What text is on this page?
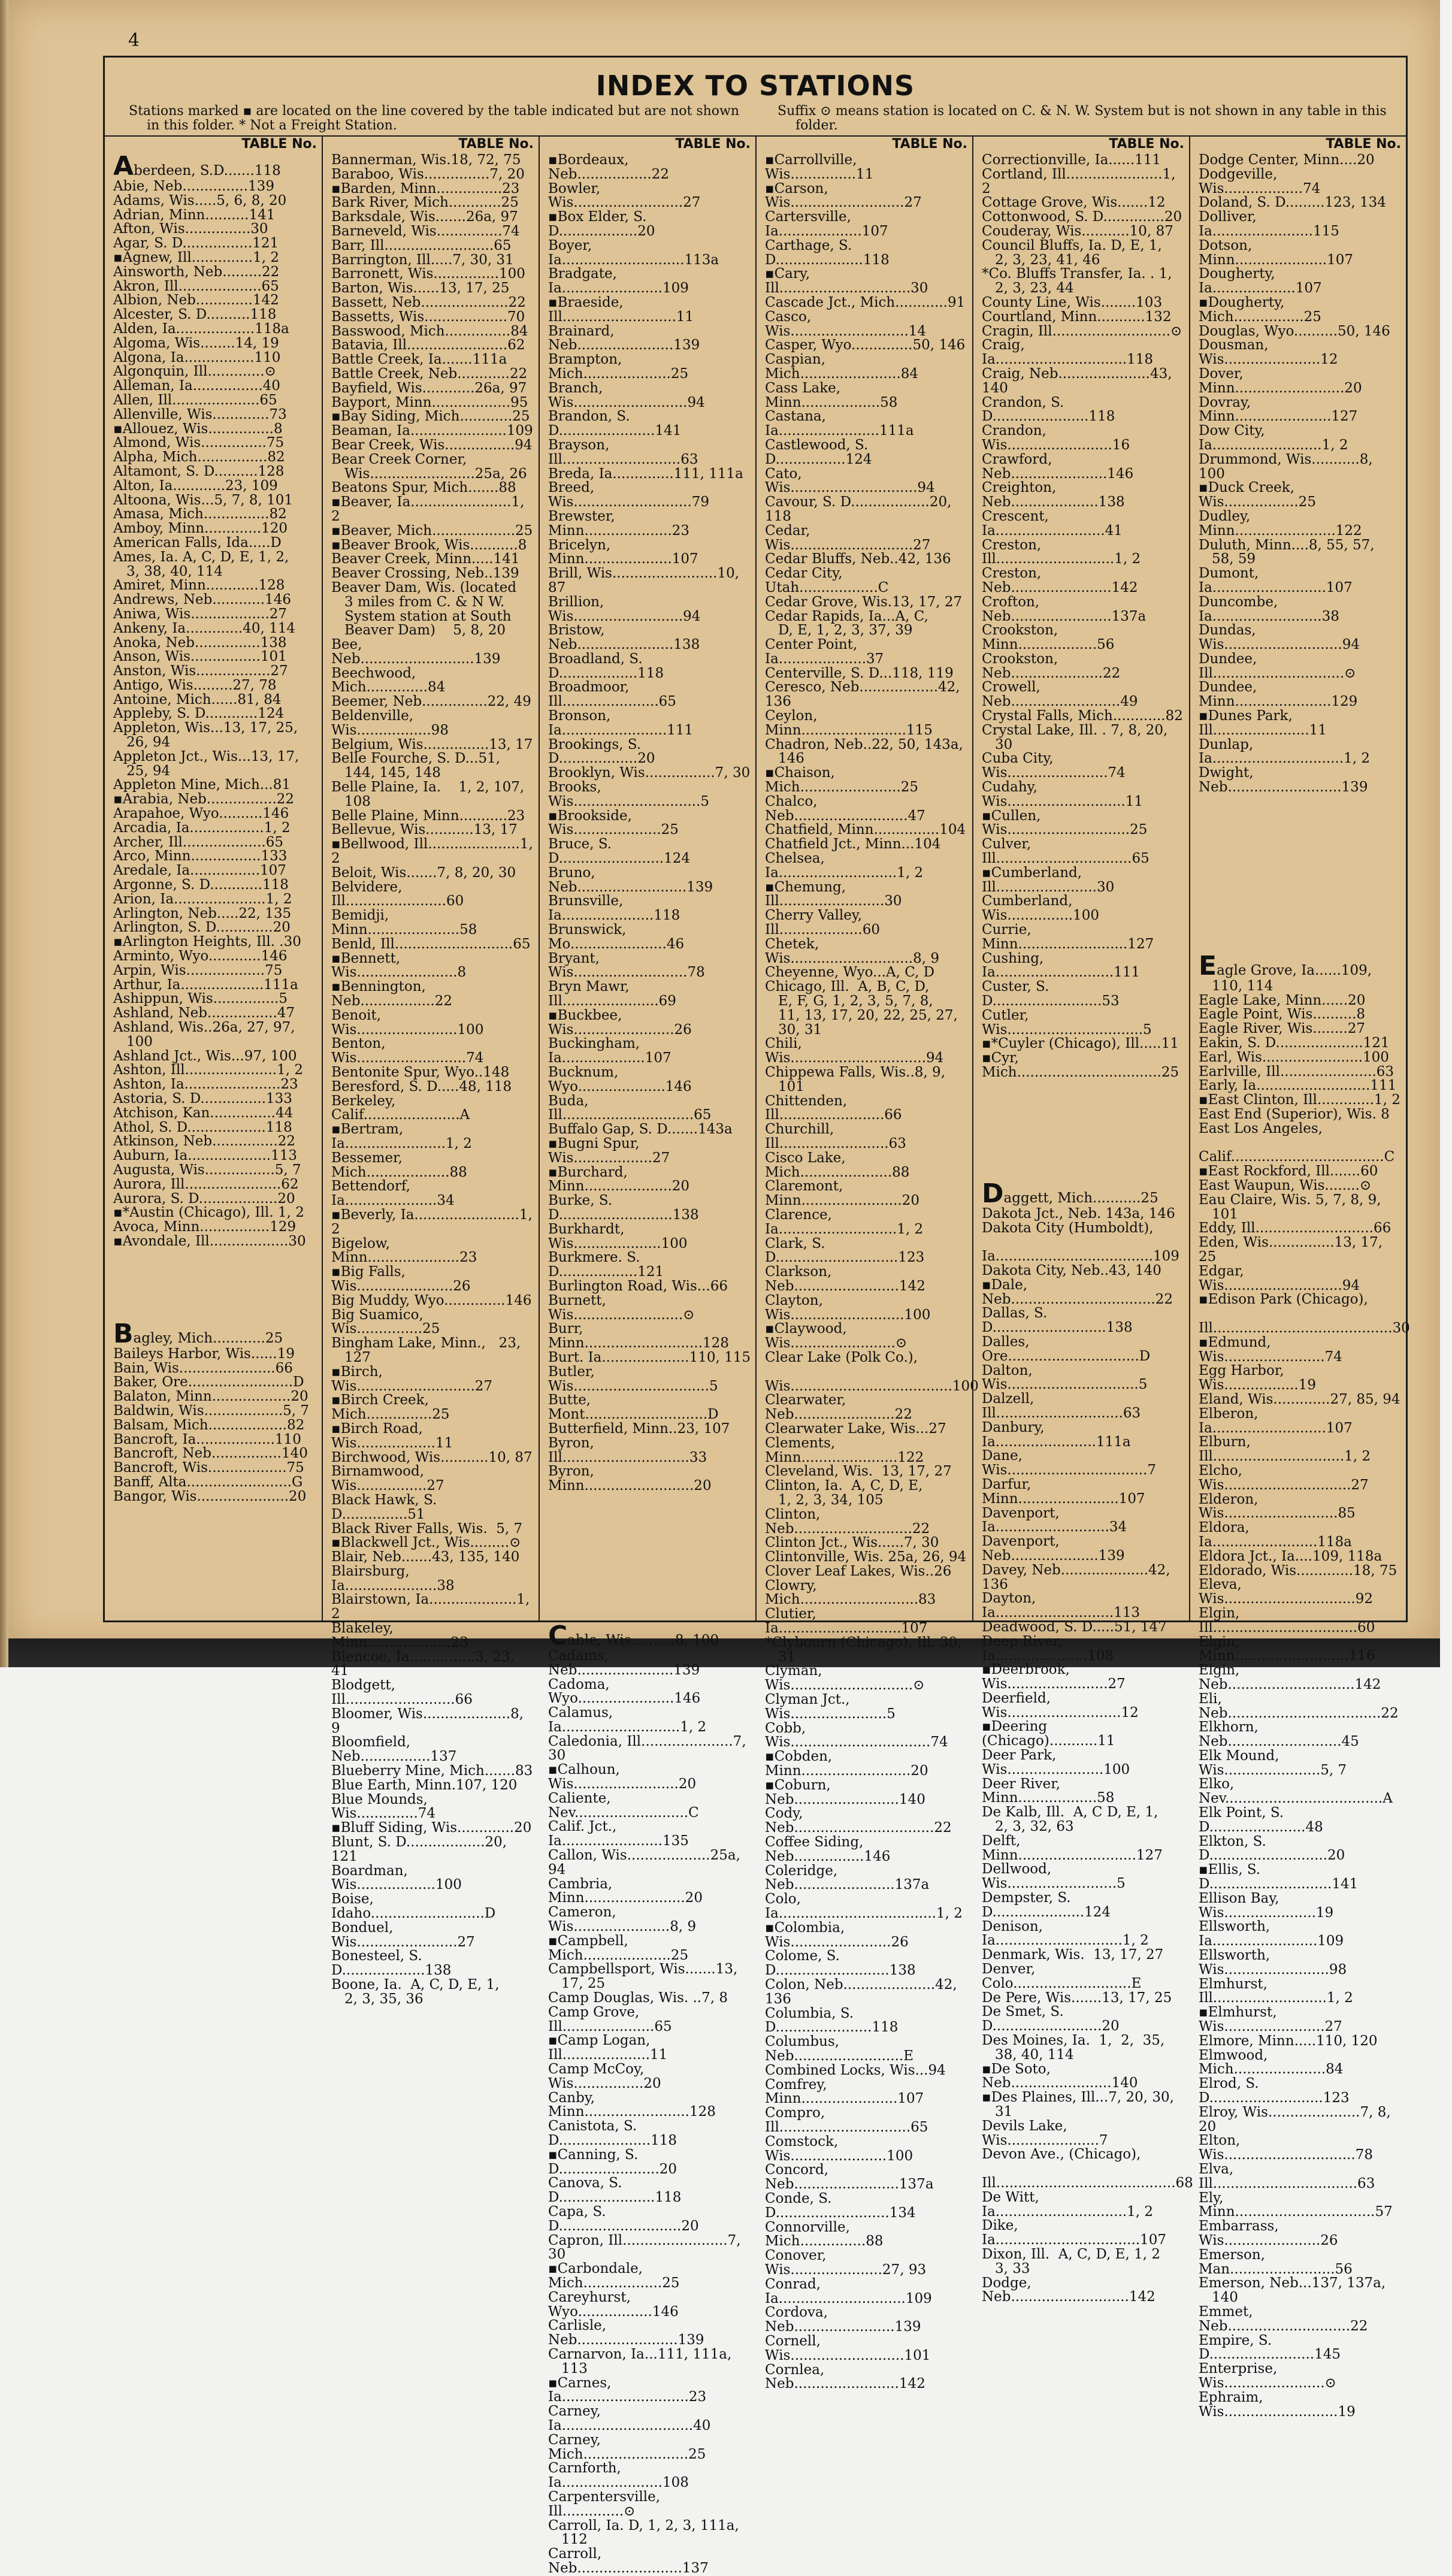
4
INDEX TO STATIONS
Stations marked ▪ are located on the line covered by the table indicated but are not shown
in this folder. * Not a Freight Station.
Suffix ⊙ means station is located on C. & N. W. System but is not shown in any table in this
folder.
TABLE No.
Aberdeen, S.D.......118
Abie, Neb...............139
Adams, Wis.....5, 6, 8, 20
Adrian, Minn..........141
Afton, Wis...............30
Agar, S. D................121
▪Agnew, Ill..............1, 2
Ainsworth, Neb.........22
Akron, Ill...................65
Albion, Neb.............142
Alcester, S. D..........118
Alden, Ia..................118a
Algoma, Wis........14, 19
Algona, Ia................110
Algonquin, Ill.............⊙
Alleman, Ia................40
Allen, Ill....................65
Allenville, Wis.............73
▪Allouez, Wis...............8
Almond, Wis...............75
Alpha, Mich................82
Altamont, S. D..........128
Alton, Ia............23, 109
Altoona, Wis...5, 7, 8, 101
Amasa, Mich...............82
Amboy, Minn.............120
American Falls, Ida.....D
Ames, Ia. A, C, D, E, 1, 2,
3, 38, 40, 114
Amiret, Minn............128
Andrews, Neb............146
Aniwa, Wis..................27
Ankeny, Ia.............40, 114
Anoka, Neb...............138
Anson, Wis................101
Anston, Wis.................27
Antigo, Wis.........27, 78
Antoine, Mich......81, 84
Appleby, S. D............124
Appleton, Wis...13, 17, 25,
26, 94
Appleton Jct., Wis...13, 17,
25, 94
Appleton Mine, Mich...81
▪Arabia, Neb................22
Arapahoe, Wyo..........146
Arcadia, Ia.................1, 2
Archer, Ill...................65
Arco, Minn................133
Aredale, Ia................107
Argonne, S. D............118
Arion, Ia.....................1, 2
Arlington, Neb.....22, 135
Arlington, S. D.............20
▪Arlington Heights, Ill. .30
Arminto, Wyo............146
Arpin, Wis..................75
Arthur, Ia...................111a
Ashippun, Wis...............5
Ashland, Neb................47
Ashland, Wis..26a, 27, 97,
100
Ashland Jct., Wis...97, 100
Ashton, Ill.....................1, 2
Ashton, Ia......................23
Astoria, S. D...............133
Atchison, Kan...............44
Athol, S. D..................118
Atkinson, Neb...............22
Auburn, Ia...................113
Augusta, Wis................5, 7
Aurora, Ill......................62
Aurora, S. D..................20
▪*Austin (Chicago), Ill. 1, 2
Avoca, Minn................129
▪Avondale, Ill..................30
Bagley, Mich............25
Baileys Harbor, Wis......19
Bain, Wis......................66
Baker, Ore........................D
Balaton, Minn..................20
Baldwin, Wis..................5, 7
Balsam, Mich..................82
Bancroft, Ia..................110
Bancroft, Neb................140
Bancroft, Wis..................75
Banff, Alta........................G
Bangor, Wis.....................20
TABLE No.
Bannerman, Wis.18, 72, 75
Baraboo, Wis...............7, 20
▪Barden, Minn...............23
Bark River, Mich............25
Barksdale, Wis.......26a, 97
Barneveld, Wis...............74
Barr, Ill.........................65
Barrington, Ill.....7, 30, 31
Barronett, Wis...............100
Barton, Wis......13, 17, 25
Bassett, Neb....................22
Bassetts, Wis...................70
Basswood, Mich...............84
Batavia, Ill.......................62
Battle Creek, Ia.......111a
Battle Creek, Neb............22
Bayfield, Wis............26a, 97
Bayport, Minn..................95
▪Bay Siding, Mich............25
Beaman, Ia......................109
Bear Creek, Wis................94
Bear Creek Corner,
Wis........................25a, 26
Beatons Spur, Mich.......88
▪Beaver, Ia.......................1, 2
▪Beaver, Mich...................25
▪Beaver Brook, Wis...........8
Beaver Creek, Minn.....141
Beaver Crossing, Neb..139
Beaver Dam, Wis. (located
3 miles from C. & N W.
System station at South
Beaver Dam)    5, 8, 20
Bee, Neb..........................139
Beechwood, Mich..............84
Beemer, Neb...............22, 49
Beldenville, Wis.................98
Belgium, Wis...............13, 17
Belle Fourche, S. D...51,
144, 145, 148
Belle Plaine, Ia.    1, 2, 107,
108
Belle Plaine, Minn...........23
Bellevue, Wis...........13, 17
▪Bellwood, Ill.....................1, 2
Beloit, Wis.......7, 8, 20, 30
Belvidere, Ill.......................60
Bemidji, Minn.....................58
Benld, Ill...........................65
▪Bennett, Wis.......................8
▪Bennington, Neb.................22
Benoit, Wis.......................100
Benton, Wis.........................74
Bentonite Spur, Wyo..148
Beresford, S. D.....48, 118
Berkeley, Calif......................A
▪Bertram, Ia.......................1, 2
Bessemer, Mich...................88
Bettendorf, Ia.....................34
▪Beverly, Ia........................1, 2
Bigelow, Minn.....................23
▪Big Falls, Wis......................26
Big Muddy, Wyo..............146
Big Suamico, Wis...............25
Bingham Lake, Minn.,   23,
127
▪Birch, Wis...........................27
▪Birch Creek, Mich...............25
▪Birch Road, Wis..................11
Birchwood, Wis...........10, 87
Birnamwood, Wis................27
Black Hawk, S. D...............51
Black River Falls, Wis.  5, 7
▪Blackwell Jct., Wis.........⊙
Blair, Neb.......43, 135, 140
Blairsburg, Ia.....................38
Blairstown, Ia....................1, 2
Blakeley, Minn...................23
Blencoe, Ia...............3, 23, 41
Blodgett, Ill.........................66
Bloomer, Wis....................8, 9
Bloomfield, Neb................137
Blueberry Mine, Mich.......83
Blue Earth, Minn.107, 120
Blue Mounds, Wis..............74
▪Bluff Siding, Wis.............20
Blunt, S. D..................20, 121
Boardman, Wis..................100
Boise, Idaho..........................D
Bonduel, Wis.......................27
Bonesteel, S. D...................138
Boone, Ia.  A, C, D, E, 1,
2, 3, 35, 36
TABLE No.
▪Bordeaux, Neb.................22
Bowler, Wis.........................27
▪Box Elder, S. D..................20
Boyer, Ia............................113a
Bradgate, Ia.......................109
▪Braeside, Ill..........................11
Brainard, Neb......................139
Brampton, Mich....................25
Branch, Wis..........................94
Brandon, S. D......................141
Brayson, Ill...........................63
Breda, Ia..............111, 111a
Breed, Wis...........................79
Brewster, Minn....................23
Bricelyn, Minn....................107
Brill, Wis........................10, 87
Brillion, Wis.........................94
Bristow, Neb......................138
Broadland, S. D..................118
Broadmoor, Ill......................65
Bronson, Ia........................111
Brookings, S. D..................20
Brooklyn, Wis................7, 30
Brooks, Wis.............................5
▪Brookside, Wis....................25
Bruce, S. D........................124
Bruno, Neb.........................139
Brunsville, Ia.....................118
Brunswick, Mo......................46
Bryant, Wis..........................78
Bryn Mawr, Ill......................69
▪Buckbee, Wis.......................26
Buckingham, Ia...................107
Bucknum, Wyo....................146
Buda, Ill..............................65
Buffalo Gap, S. D.......143a
▪Bugni Spur, Wis..................27
▪Burchard, Minn....................20
Burke, S. D..........................138
Burkhardt, Wis....................100
Burkmere. S. D..................121
Burlington Road, Wis...66
Burnett, Wis.........................⊙
Burr, Minn...........................128
Burt. Ia....................110, 115
Butler, Wis...............................5
Butte, Mont............................D
Butterfield, Minn..23, 107
Byron, Ill.............................33
Byron, Minn.........................20
Cable, Wis..........8, 100
Cadams, Neb......................139
Cadoma, Wyo......................146
Calamus, Ia...........................1, 2
Caledonia, Ill.....................7, 30
▪Calhoun, Wis........................20
Caliente, Nev..........................C
Calif. Jct., Ia.......................135
Callon, Wis...................25a, 94
Cambria, Minn.......................20
Cameron, Wis......................8, 9
▪Campbell, Mich....................25
Campbellsport, Wis.......13,
17, 25
Camp Douglas, Wis. ..7, 8
Camp Grove, Ill.....................65
▪Camp Logan, Ill....................11
Camp McCoy, Wis................20
Canby, Minn........................128
Canistota, S. D.....................118
▪Canning, S. D.......................20
Canova, S. D......................118
Capa, S. D............................20
Capron, Ill........................7, 30
▪Carbondale, Mich..................25
Careyhurst, Wyo.................146
Carlisle, Neb.......................139
Carnarvon, Ia...111, 111a,
113
▪Carnes, Ia.............................23
Carney, Ia..............................40
Carney, Mich........................25
Carnforth, Ia.......................108
Carpentersville, Ill..............⊙
Carroll, Ia. D, 1, 2, 3, 111a,
112
Carroll, Neb........................137
TABLE No.
▪Carrollville, Wis...............11
▪Carson, Wis..........................27
Cartersville, Ia...................107
Carthage, S. D....................118
▪Cary, Ill..............................30
Cascade Jct., Mich............91
Casco, Wis...........................14
Casper, Wyo..............50, 146
Caspian, Mich.......................84
Cass Lake, Minn..................58
Castana, Ia.......................111a
Castlewood, S. D................124
Cato, Wis.............................94
Cavour, S. D..................20, 118
Cedar, Wis............................27
Cedar Bluffs, Neb..42, 136
Cedar City, Utah..................C
Cedar Grove, Wis.13, 17, 27
Cedar Rapids, Ia...A, C,
D, E, 1, 2, 3, 37, 39
Center Point, Ia....................37
Centerville, S. D...118, 119
Ceresco, Neb..................42, 136
Ceylon, Minn........................115
Chadron, Neb..22, 50, 143a,
146
▪Chaison, Mich.......................25
Chalco, Neb..........................47
Chatfield, Minn...............104
Chatfield Jct., Minn...104
Chelsea, Ia...........................1, 2
▪Chemung, Ill........................30
Cherry Valley, Ill...................60
Chetek, Wis............................8, 9
Cheyenne, Wyo...A, C, D
Chicago, Ill.  A, B, C, D,
E, F, G, 1, 2, 3, 5, 7, 8,
11, 13, 17, 20, 22, 25, 27,
30, 31
Chili, Wis...............................94
Chippewa Falls, Wis..8, 9,
101
Chittenden, Ill........................66
Churchill, Ill.........................63
Cisco Lake, Mich.....................88
Claremont, Minn.......................20
Clarence, Ia...........................1, 2
Clark, S. D............................123
Clarkson, Neb........................142
Clayton, Wis..........................100
▪Claywood, Wis........................⊙
Clear Lake (Polk Co.),
Wis.....................................100
Clearwater, Neb.......................22
Clearwater Lake, Wis...27
Clements, Minn......................122
Cleveland, Wis.  13, 17, 27
Clinton, Ia.  A, C, D, E,
1, 2, 3, 34, 105
Clinton, Neb...........................22
Clinton Jct., Wis......7, 30
Clintonville, Wis. 25a, 26, 94
Clover Leaf Lakes, Wis..26
Clowry, Mich...........................83
Clutier, Ia............................107
*Clybourn (Chicago), Ill. 30,
31
Clyman, Wis............................⊙
Clyman Jct., Wis......................5
Cobb, Wis................................74
▪Cobden, Minn.........................20
▪Coburn, Neb........................140
Cody, Neb................................22
Coffee Siding, Neb................146
Coleridge, Neb.......................137a
Colo, Ia....................................1, 2
▪Colombia, Wis.......................26
Colome, S. D..........................138
Colon, Neb.....................42, 136
Columbia, S. D......................118
Columbus, Neb.........................E
Combined Locks, Wis...94
Comfrey, Minn......................107
Compro, Ill..............................65
Comstock, Wis......................100
Concord, Neb........................137a
Conde, S. D..........................134
Connorville, Mich...............88
Conover, Wis.....................27, 93
Conrad, Ia.............................109
Cordova, Neb.......................139
Cornell, Wis..........................101
Cornlea, Neb........................142
TABLE No.
Correctionville, Ia......111
Cortland, Ill......................1, 2
Cottage Grove, Wis.......12
Cottonwood, S. D..............20
Couderay, Wis...........10, 87
Council Bluffs, Ia. D, E, 1,
2, 3, 23, 41, 46
*Co. Bluffs Transfer, Ia. . 1,
2, 3, 23, 44
County Line, Wis........103
Courtland, Minn...........132
Cragin, Ill...........................⊙
Craig, Ia..............................118
Craig, Neb.....................43, 140
Crandon, S. D......................118
Crandon, Wis........................16
Crawford, Neb......................146
Creighton, Neb....................138
Crescent, Ia.........................41
Creston, Ill...........................1, 2
Creston, Neb.......................142
Crofton, Neb.......................137a
Crookston, Minn..................56
Crookston, Neb.....................22
Crowell, Neb.........................49
Crystal Falls, Mich............82
Crystal Lake, Ill. . 7, 8, 20,
30
Cuba City, Wis.......................74
Cudahy, Wis...........................11
▪Cullen, Wis............................25
Culver, Ill...............................65
▪Cumberland, Ill.......................30
Cumberland, Wis...............100
Currie, Minn.........................127
Cushing, Ia...........................111
Custer, S. D.........................53
Cutler, Wis...............................5
▪*Cuyler (Chicago), Ill.....11
▪Cyr, Mich.................................25
Daggett, Mich...........25
Dakota Jct., Neb. 143a, 146
Dakota City (Humboldt),
Ia....................................109
Dakota City, Neb..43, 140
▪Dale, Neb.................................22
Dallas, S. D..........................138
Dalles, Ore..............................D
Dalton, Wis..............................5
Dalzell, Ill.............................63
Danbury, Ia.......................111a
Dane, Wis................................7
Darfur, Minn.......................107
Davenport, Ia..........................34
Davenport, Neb....................139
Davey, Neb....................42, 136
Dayton, Ia...........................113
Deadwood, S. D.....51, 147
Deep River, Ia.....................108
▪Deerbrook, Wis.......................27
Deerfield, Wis..........................12
▪Deering (Chicago)...........11
Deer Park, Wis......................100
Deer River, Minn..................58
De Kalb, Ill.  A, C D, E, 1,
2, 3, 32, 63
Delft, Minn...........................127
Dellwood, Wis.........................5
Dempster, S. D.....................124
Denison, Ia.............................1, 2
Denmark, Wis.  13, 17, 27
Denver, Colo...........................E
De Pere, Wis.......13, 17, 25
De Smet, S. D.........................20
Des Moines, Ia.  1,  2,  35,
38, 40, 114
▪De Soto, Neb.......................140
▪Des Plaines, Ill...7, 20, 30,
31
Devils Lake, Wis.....................7
Devon Ave., (Chicago),
Ill.........................................68
De Witt, Ia..............................1, 2
Dike, Ia.................................107
Dixon, Ill.  A, C, D, E, 1, 2
3, 33
Dodge, Neb...........................142
TABLE No.
Dodge Center, Minn....20
Dodgeville, Wis..................74
Doland, S. D.........123, 134
Dolliver, Ia.......................115
Dotson, Minn.....................107
Dougherty, Ia...................107
▪Dougherty, Mich................25
Douglas, Wyo..........50, 146
Dousman, Wis......................12
Dover, Minn.........................20
Dovray, Minn......................127
Dow City, Ia.........................1, 2
Drummond, Wis...........8, 100
▪Duck Creek, Wis.................25
Dudley, Minn.......................122
Duluth, Minn....8, 55, 57,
58, 59
Dumont, Ia..........................107
Duncombe, Ia.........................38
Dundas, Wis...........................94
Dundee, Ill..............................⊙
Dundee, Minn......................129
▪Dunes Park, Ill......................11
Dunlap, Ia..............................1, 2
Dwight, Neb..........................139
Eagle Grove, Ia......109,
110, 114
Eagle Lake, Minn......20
Eagle Point, Wis..........8
Eagle River, Wis........27
Eakin, S. D....................121
Earl, Wis.......................100
Earlville, Ill......................63
Early, Ia..........................111
▪East Clinton, Ill.............1, 2
East End (Superior), Wis. 8
East Los Angeles,
Calif...................................C
▪East Rockford, Ill.......60
East Waupun, Wis........⊙
Eau Claire, Wis. 5, 7, 8, 9,
101
Eddy, Ill...........................66
Eden, Wis...............13, 17, 25
Edgar, Wis...........................94
▪Edison Park (Chicago),
Ill.........................................30
▪Edmund, Wis.......................74
Egg Harbor, Wis.................19
Eland, Wis.............27, 85, 94
Elberon, Ia..........................107
Elburn, Ill..............................1, 2
Elcho, Wis.............................27
Elderon, Wis..........................85
Eldora, Ia........................118a
Eldora Jct., Ia....109, 118a
Eldorado, Wis.............18, 75
Eleva, Wis..............................92
Elgin, Ill.................................60
Elgin, Minn..........................116
Elgin, Neb.............................142
Eli, Neb...................................22
Elkhorn, Neb..........................45
Elk Mound, Wis......................5, 7
Elko, Nev....................................A
Elk Point, S. D......................48
Elkton, S. D...........................20
▪Ellis, S. D............................141
Ellison Bay, Wis.....................19
Ellsworth, Ia........................109
Ellsworth, Wis........................98
Elmhurst, Ill..........................1, 2
▪Elmhurst, Wis.......................27
Elmore, Minn.....110, 120
Elmwood, Mich.....................84
Elrod, S. D..........................123
Elroy, Wis.....................7, 8, 20
Elton, Wis..............................78
Elva, Ill.................................63
Ely, Minn................................57
Embarrass, Wis......................26
Emerson, Man........................56
Emerson, Neb...137, 137a,
140
Emmet, Neb............................22
Empire, S. D........................145
Enterprise, Wis.......................⊙
Ephraim, Wis..........................19
